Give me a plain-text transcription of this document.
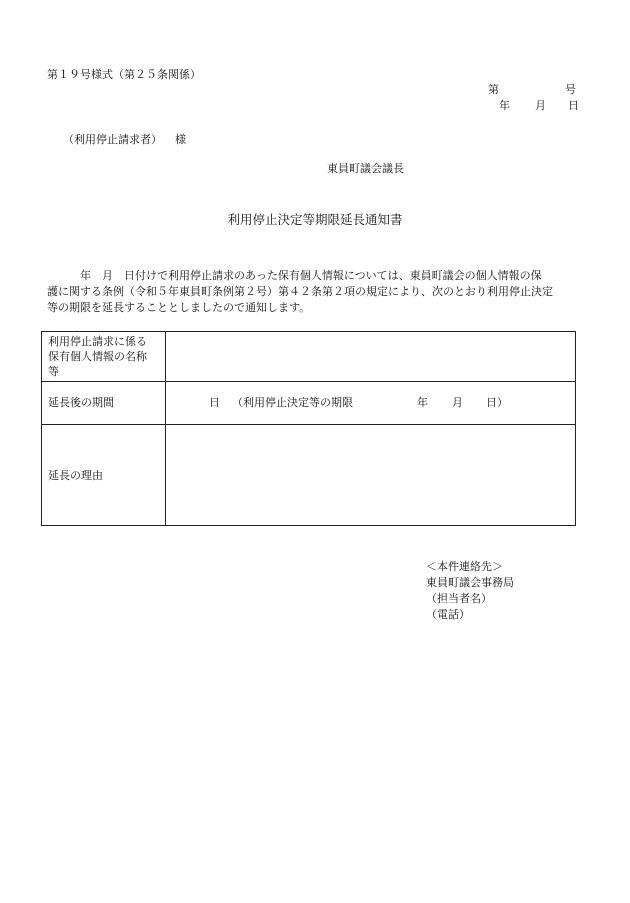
第１９号様式（第２５条関係）
第	号
年 月 日
（利用停止請求者） 様
東員町議会議長
利用停止決定等期限延長通知書
　　　年　月　日付けで利用停止請求のあった保有個人情報については、東員町議会の個人情報の保
護に関する条例（令和５年東員町条例第２号）第４２条第２項の規定により、次のとおり利用停止決定
等の期限を延長することとしましたので通知します。
利用停止請求に係る
保有個人情報の名称
等
延長後の期間	日 （利用停止決定等の期限	年 月 日）
延長の理由
＜本件連絡先＞
東員町議会事務局
（担当者名）
（電話）
